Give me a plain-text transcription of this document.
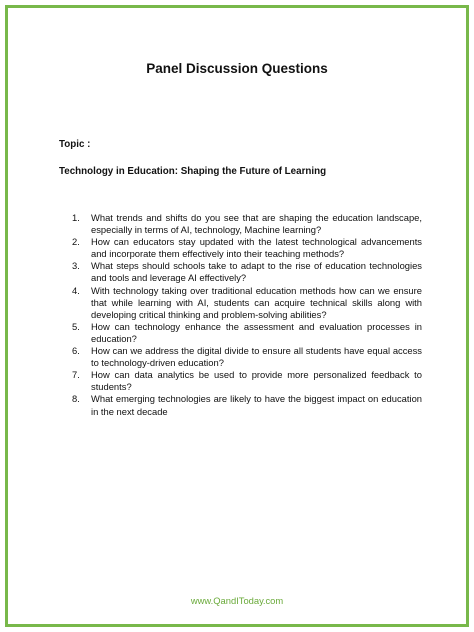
Panel Discussion Questions
Topic :
Technology in Education: Shaping the Future of Learning
1.	What trends and shifts do you see that are shaping the education landscape, especially in terms of AI, technology, Machine learning?
2.	How can educators stay updated with the latest technological advancements and incorporate them effectively into their teaching methods?
3.	What steps should schools take to adapt to the rise of education technologies and tools and leverage AI effectively?
4.	With technology taking over traditional education methods how can we ensure that while learning with AI, students can acquire technical skills along with developing critical thinking and problem-solving abilities?
5.	How can technology enhance the assessment and evaluation processes in education?
6.	How can we address the digital divide to ensure all students have equal access to technology-driven education?
7.	How can data analytics be used to provide more personalized feedback to students?
8.	What emerging technologies are likely to have the biggest impact on education in the next decade
www.QandITodaу.com
